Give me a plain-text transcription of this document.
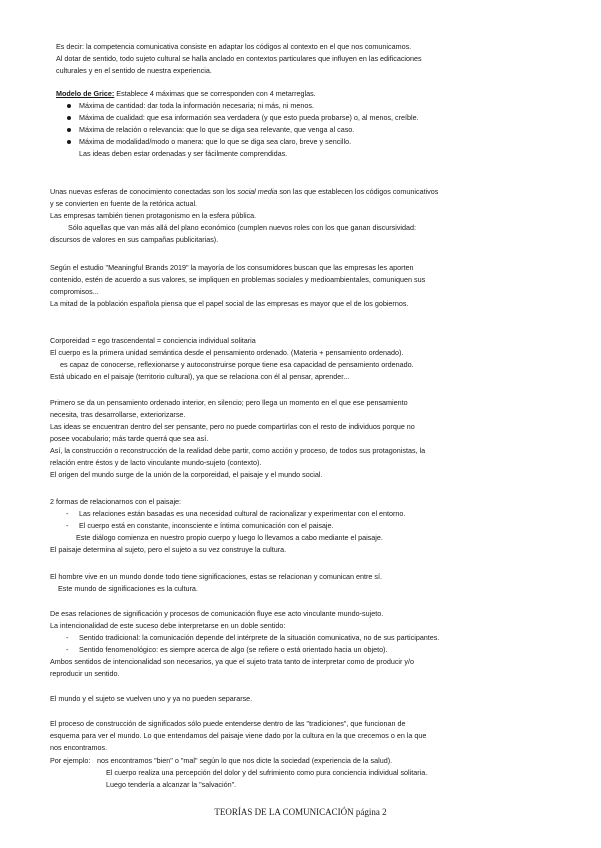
Es decir: la competencia comunicativa consiste en adaptar los códigos al contexto en el que nos comunicamos.
Al dotar de sentido, todo sujeto cultural se halla anclado en contextos particulares que influyen en las edificaciones
culturales y en el sentido de nuestra experiencia.
Modelo de Grice: Establece 4 máximas que se corresponden con 4 metarreglas.
Máxima de cantidad: dar toda la información necesaria; ni más, ni menos.
Máxima de cualidad: que esa información sea verdadera (y que esto pueda probarse) o, al menos, creíble.
Máxima de relación o relevancia: que lo que se diga sea relevante, que venga al caso.
Máxima de modalidad/modo o manera: que lo que se diga sea claro, breve y sencillo.
Las ideas deben estar ordenadas y ser fácilmente comprendidas.
Unas nuevas esferas de conocimiento conectadas son los social media son las que establecen los códigos comunicativos
y se convierten en fuente de la retórica actual.
Las empresas también tienen protagonismo en la esfera pública.
Sólo aquellas que van más allá del plano económico (cumplen nuevos roles con los que ganan discursividad:
discursos de valores en sus campañas publicitarias).
Según el estudio "Meaningful Brands 2019" la mayoría de los consumidores buscan que las empresas les aporten
contenido, estén de acuerdo a sus valores, se impliquen en problemas sociales y medioambientales, comuniquen sus
compromisos...
La mitad de la población española piensa que el papel social de las empresas es mayor que el de los gobiernos.
Corporeidad = ego trascendental = conciencia individual solitaria
El cuerpo es la primera unidad semántica desde el pensamiento ordenado. (Materia + pensamiento ordenado).
es capaz de conocerse, reflexionarse y autoconstruirse porque tiene esa capacidad de pensamiento ordenado.
Está ubicado en el paisaje (territorio cultural), ya que se relaciona con él al pensar, aprender...
Primero se da un pensamiento ordenado interior, en silencio; pero llega un momento en el que ese pensamiento
necesita, tras desarrollarse, exteriorizarse.
Las ideas se encuentran dentro del ser pensante, pero no puede compartirlas con el resto de individuos porque no
posee vocabulario; más tarde querrá que sea así.
Así, la construcción o reconstrucción de la realidad debe partir, como acción y proceso, de todos sus protagonistas, la
relación entre éstos y de lacto vinculante mundo-sujeto (contexto).
El origen del mundo surge de la unión de la corporeidad, el paisaje y el mundo social.
2 formas de relacionarnos con el paisaje:
- Las relaciones están basadas es una necesidad cultural de racionalizar y experimentar con el entorno.
- El cuerpo está en constante, inconsciente e íntima comunicación con el paisaje.
Este diálogo comienza en nuestro propio cuerpo y luego lo llevamos a cabo mediante el paisaje.
El paisaje determina al sujeto, pero el sujeto a su vez construye la cultura.
El hombre vive en un mundo donde todo tiene significaciones, estas se relacionan y comunican entre sí.
Este mundo de significaciones es la cultura.
De esas relaciones de significación y procesos de comunicación fluye ese acto vinculante mundo-sujeto.
La intencionalidad de este suceso debe interpretarse en un doble sentido:
- Sentido tradicional: la comunicación depende del intérprete de la situación comunicativa, no de sus participantes.
- Sentido fenomenológico: es siempre acerca de algo (se refiere o está orientado hacia un objeto).
Ambos sentidos de intencionalidad son necesarios, ya que el sujeto trata tanto de interpretar como de producir y/o
reproducir un sentido.
El mundo y el sujeto se vuelven uno y ya no pueden separarse.
El proceso de construcción de significados sólo puede entenderse dentro de las "tradiciones", que funcionan de
esquema para ver el mundo. Lo que entendamos del paisaje viene dado por la cultura en la que crecemos o en la que
nos encontramos.
Por ejemplo: nos encontramos "bien" o "mal" según lo que nos dicte la sociedad (experiencia de la salud).
El cuerpo realiza una percepción del dolor y del sufrimiento como pura conciencia individual solitaria.
Luego tendería a alcanzar la "salvación".
TEORÍAS DE LA COMUNICACIÓN página 2
